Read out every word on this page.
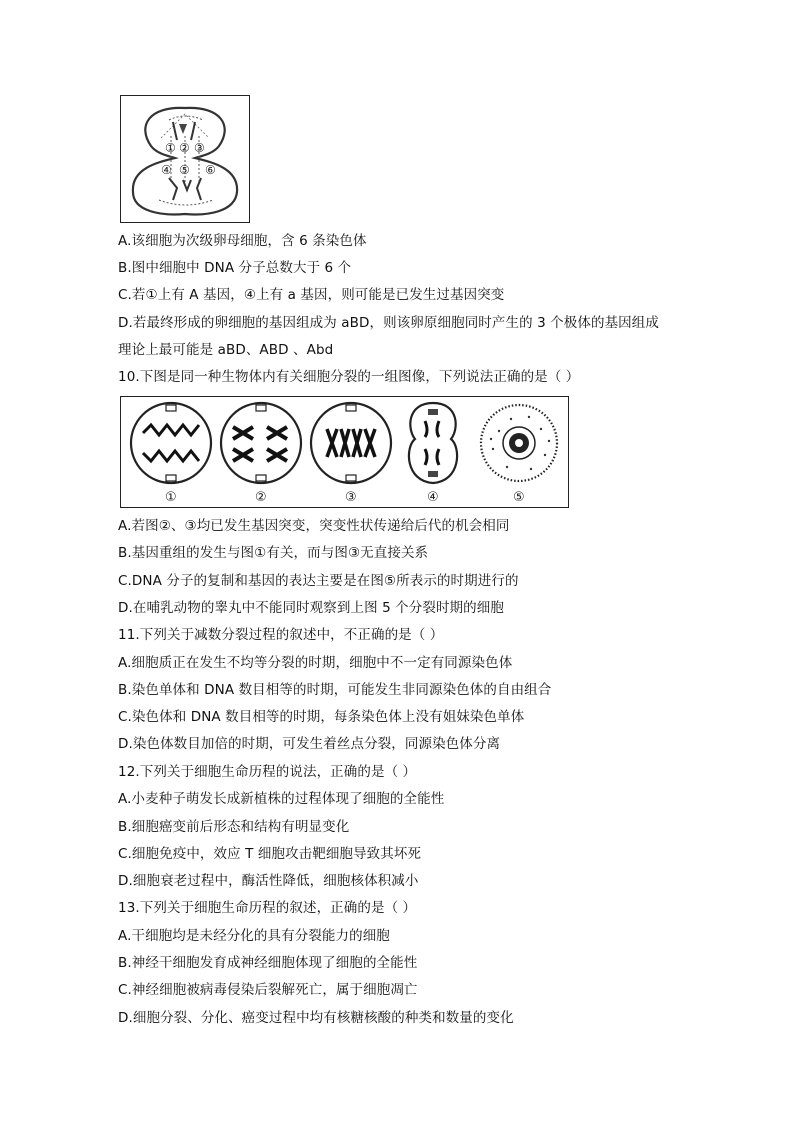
① ② ③
④ ⑤ ⑥
A.该细胞为次级卵母细胞，含 6 条染色体
B.图中细胞中 DNA 分子总数大于 6 个
C.若①上有 A 基因，④上有 a 基因，则可能是已发生过基因突变
D.若最终形成的卵细胞的基因组成为 aBD，则该卵原细胞同时产生的 3 个极体的基因组成
理论上最可能是 aBD、ABD 、Abd
10.下图是同一种生物体内有关细胞分裂的一组图像，下列说法正确的是（ ）
①	②	③	④	⑤
A.若图②、③均已发生基因突变，突变性状传递给后代的机会相同
B.基因重组的发生与图①有关，而与图③无直接关系
C.DNA 分子的复制和基因的表达主要是在图⑤所表示的时期进行的
D.在哺乳动物的睾丸中不能同时观察到上图 5 个分裂时期的细胞
11.下列关于减数分裂过程的叙述中，不正确的是（ ）
A.细胞质正在发生不均等分裂的时期，细胞中不一定有同源染色体
B.染色单体和 DNA 数目相等的时期，可能发生非同源染色体的自由组合
C.染色体和 DNA 数目相等的时期，每条染色体上没有姐妹染色单体
D.染色体数目加倍的时期，可发生着丝点分裂，同源染色体分离
12.下列关于细胞生命历程的说法，正确的是（ ）
A.小麦种子萌发长成新植株的过程体现了细胞的全能性
B.细胞癌变前后形态和结构有明显变化
C.细胞免疫中，效应 T 细胞攻击靶细胞导致其坏死
D.细胞衰老过程中，酶活性降低，细胞核体积减小
13.下列关于细胞生命历程的叙述，正确的是（ ）
A.干细胞均是未经分化的具有分裂能力的细胞
B.神经干细胞发育成神经细胞体现了细胞的全能性
C.神经细胞被病毒侵染后裂解死亡，属于细胞凋亡
D.细胞分裂、分化、癌变过程中均有核糖核酸的种类和数量的变化
